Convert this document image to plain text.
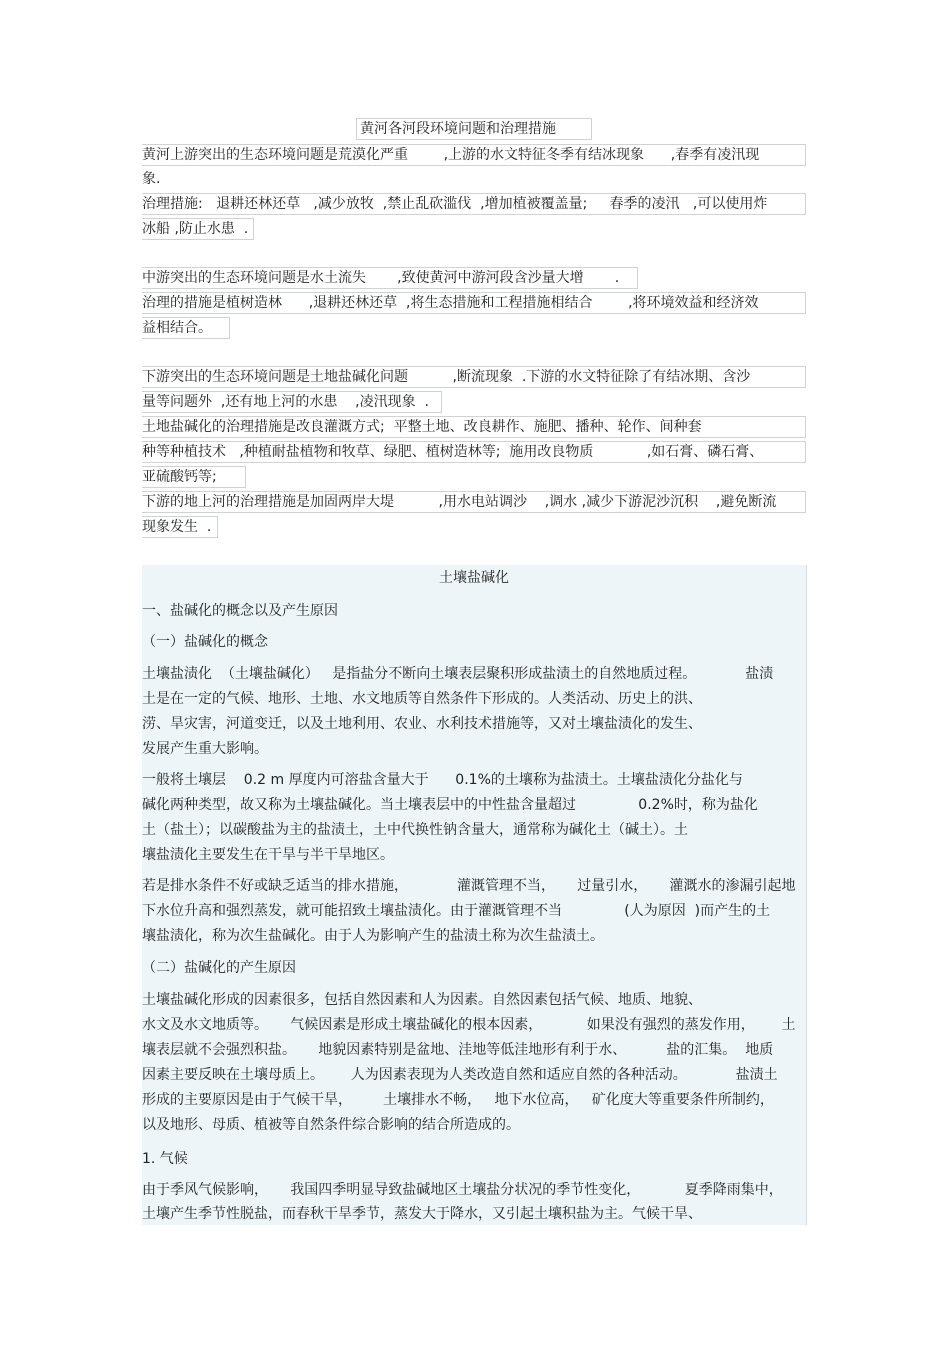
黄河各河段环境问题和治理措施
黄河上游突出的生态环境问题是荒漠化严重        ,上游的水文特征冬季有结冰现象      ,春季有凌汛现
象.
治理措施:   退耕还林还草   ,减少放牧  ,禁止乱砍滥伐  ,增加植被覆盖量;     春季的凌汛   ,可以使用炸
冰船 ,防止水患  .
中游突出的生态环境问题是水土流失       ,致使黄河中游河段含沙量大增       .
治理的措施是植树造林      ,退耕还林还草  ,将生态措施和工程措施相结合        ,将环境效益和经济效
益相结合。
下游突出的生态环境问题是土地盐碱化问题          ,断流现象  .下游的水文特征除了有结冰期、含沙
量等问题外  ,还有地上河的水患    ,凌汛现象  .
土地盐碱化的治理措施是改良灌溉方式;  平整土地、改良耕作、施肥、播种、轮作、间种套
种等种植技术   ,种植耐盐植物和牧草、绿肥、植树造林等;  施用改良物质            ,如石膏、磷石膏、
亚硫酸钙等;
下游的地上河的治理措施是加固两岸大堤          ,用水电站调沙    ,调水 ,减少下游泥沙沉积    ,避免断流
现象发生  .
土壤盐碱化
一、盐碱化的概念以及产生原因
（一）盐碱化的概念
土壤盐渍化  （土壤盐碱化）   是指盐分不断向土壤表层聚积形成盐渍土的自然地质过程。           盐渍
土是在一定的气候、地形、土地、水文地质等自然条件下形成的。人类活动、历史上的洪、
涝、旱灾害，河道变迁，以及土地利用、农业、水利技术措施等，又对土壤盐渍化的发生、
发展产生重大影响。
一般将土壤层    0.2 m 厚度内可溶盐含量大于      0.1%的土壤称为盐渍土。土壤盐渍化分盐化与
碱化两种类型，故又称为土壤盐碱化。当土壤表层中的中性盐含量超过              0.2%时，称为盐化
土（盐土）；以碳酸盐为主的盐渍土，土中代换性钠含量大，通常称为碱化土（碱土）。土
壤盐渍化主要发生在干旱与半干旱地区。
若是排水条件不好或缺乏适当的排水措施，           灌溉管理不当，     过量引水，     灌溉水的渗漏引起地
下水位升高和强烈蒸发，就可能招致土壤盐渍化。由于灌溉管理不当              (人为原因  )而产生的土
壤盐渍化，称为次生盐碱化。由于人为影响产生的盐渍土称为次生盐渍土。
（二）盐碱化的产生原因
土壤盐碱化形成的因素很多，包括自然因素和人为因素。自然因素包括气候、地质、地貌、
水文及水文地质等。     气候因素是形成土壤盐碱化的根本因素，          如果没有强烈的蒸发作用，      土
壤表层就不会强烈积盐。     地貌因素特别是盆地、洼地等低洼地形有利于水、         盐的汇集。  地质
因素主要反映在土壤母质上。      人为因素表现为人类改造自然和适应自然的各种活动。           盐渍土
形成的主要原因是由于气候干旱，       土壤排水不畅，   地下水位高，   矿化度大等重要条件所制约，
以及地形、母质、植被等自然条件综合影响的结合所造成的。
1. 气候
由于季风气候影响，     我国四季明显导致盐碱地区土壤盐分状况的季节性变化，          夏季降雨集中，
土壤产生季节性脱盐，而春秋干旱季节，蒸发大于降水，又引起土壤积盐为主。气候干旱、
